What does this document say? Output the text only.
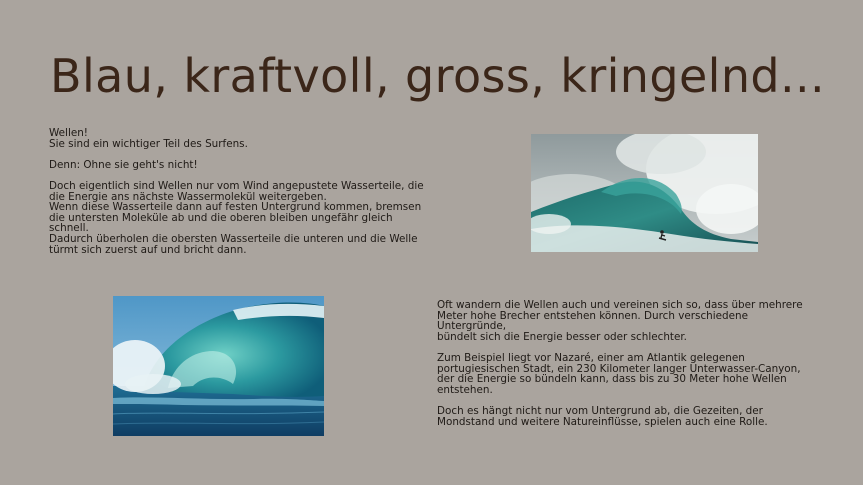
Blau, kraftvoll, gross, kringelnd...

Wellen!
Sie sind ein wichtiger Teil des Surfens.

Denn: Ohne sie geht's nicht!

Doch eigentlich sind Wellen nur vom Wind angepustete Wasserteile, die
die Energie ans nächste Wassermolekül weitergeben.
Wenn diese Wasserteile dann auf festen Untergrund kommen, bremsen
die untersten Moleküle ab und die oberen bleiben ungefähr gleich
schnell.
Dadurch überholen die obersten Wasserteile die unteren und die Welle
türmt sich zuerst auf und bricht dann.

Oft wandern die Wellen auch und vereinen sich so, dass über mehrere
Meter hohe Brecher entstehen können. Durch verschiedene
Untergründe,
bündelt sich die Energie besser oder schlechter.

Zum Beispiel liegt vor Nazaré, einer am Atlantik gelegenen
portugiesischen Stadt, ein 230 Kilometer langer Unterwasser-Canyon,
der die Energie so bündeln kann, dass bis zu 30 Meter hohe Wellen
entstehen.

Doch es hängt nicht nur vom Untergrund ab, die Gezeiten, der
Mondstand und weitere Natureinflüsse, spielen auch eine Rolle.
